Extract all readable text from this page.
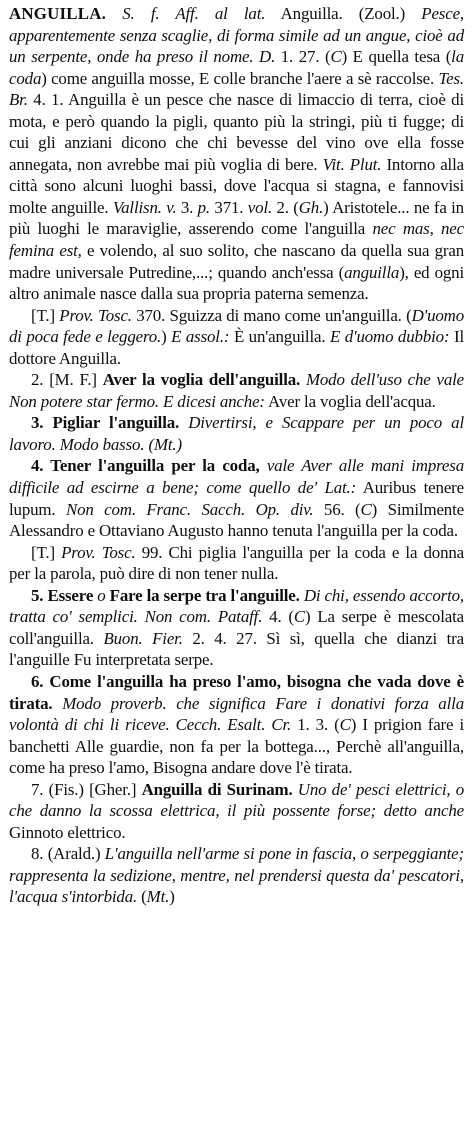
ANGUILLA. S. f. Aff. al lat. Anguilla. (Zool.) Pesce, apparentemente senza scaglie, di forma simile ad un angue, cioè ad un serpente, onde ha preso il nome. D. 1. 27. (C) E quella tesa (la coda) come anguilla mosse, E colle branche l'aere a sè raccolse. Tes. Br. 4. 1. Anguilla è un pesce che nasce di limaccio di terra, cioè di mota, e però quando la pigli, quanto più la stringi, più ti fugge; di cui gli anziani dicono che chi bevesse del vino ove ella fosse annegata, non avrebbe mai più voglia di bere. Vit. Plut. Intorno alla città sono alcuni luoghi bassi, dove l'acqua si stagna, e fannovisi molte anguille. Vallisn. v. 3. p. 371. vol. 2. (Gh.) Aristotele... ne fa in più luoghi le maraviglie, asserendo come l'anguilla nec mas, nec femina est, e volendo, al suo solito, che nascano da quella sua gran madre universale Putredine,...; quando anch'essa (anguilla), ed ogni altro animale nasce dalla sua propria paterna semenza.

[T.] Prov. Tosc. 370. Sguizza di mano come un'anguilla. (D'uomo di poca fede e leggero.) E assol.: È un'anguilla. E d'uomo dubbio: Il dottore Anguilla.

2. [M. F.] Aver la voglia dell'anguilla. Modo dell'uso che vale Non potere star fermo. E dicesi anche: Aver la voglia dell'acqua.

3. Pigliar l'anguilla. Divertirsi, e Scappare per un poco al lavoro. Modo basso. (Mt.)

4. Tener l'anguilla per la coda, vale Aver alle mani impresa difficile ad escirne a bene; come quello de' Lat.: Auribus tenere lupum. Non com. Franc. Sacch. Op. div. 56. (C) Similmente Alessandro e Ottaviano Augusto hanno tenuta l'anguilla per la coda.

[T.] Prov. Tosc. 99. Chi piglia l'anguilla per la coda e la donna per la parola, può dire di non tener nulla.

5. Essere o Fare la serpe tra l'anguille. Di chi, essendo accorto, tratta co' semplici. Non com. Pataff. 4. (C) La serpe è mescolata coll'anguilla. Buon. Fier. 2. 4. 27. Sì sì, quella che dianzi tra l'anguille Fu interpretata serpe.

6. Come l'anguilla ha preso l'amo, bisogna che vada dove è tirata. Modo proverb. che significa Fare i donativi forza alla volontà di chi li riceve. Cecch. Esalt. Cr. 1. 3. (C) I prigion fare i banchetti Alle guardie, non fa per la bottega..., Perchè all'anguilla, come ha preso l'amo, Bisogna andare dove l'è tirata.

7. (Fis.) [Gher.] Anguilla di Surinam. Uno de' pesci elettrici, o che danno la scossa elettrica, il più possente forse; detto anche Ginnoto elettrico.

8. (Arald.) L'anguilla nell'arme si pone in fascia, o serpeggiante; rappresenta la sedizione, mentre, nel prendersi questa da' pescatori, l'acqua s'intorbida. (Mt.)
